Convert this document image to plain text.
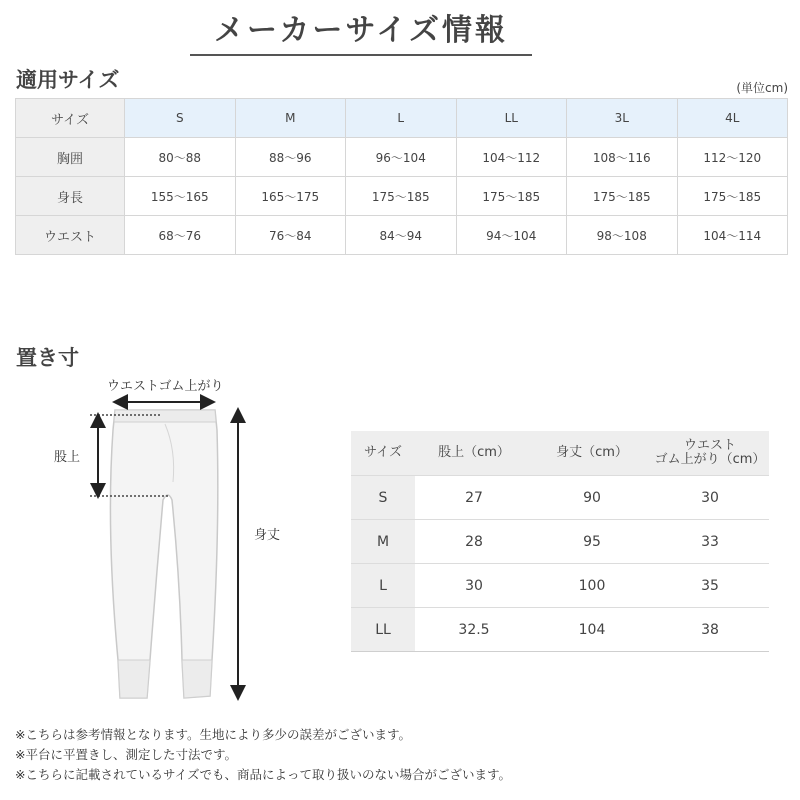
メーカーサイズ情報
適用サイズ	(単位cm)
サイズ	S	M	L	LL	3L	4L
胸囲	80〜88	88〜96	96〜104	104〜112	108〜116	112〜120
身長	155〜165	165〜175	175〜185	175〜185	175〜185	175〜185
ウエスト	68〜76	76〜84	84〜94	94〜104	98〜108	104〜114
置き寸
ウエストゴム上がり
股上
身丈
サイズ	股上（cm）	身丈（cm）	ウエスト
ゴム上がり（cm）
S	27	90	30
M	28	95	33
L	30	100	35
LL	32.5	104	38
※こちらは参考情報となります。生地により多少の誤差がございます。
※平台に平置きし、測定した寸法です。
※こちらに記載されているサイズでも、商品によって取り扱いのない場合がございます。
